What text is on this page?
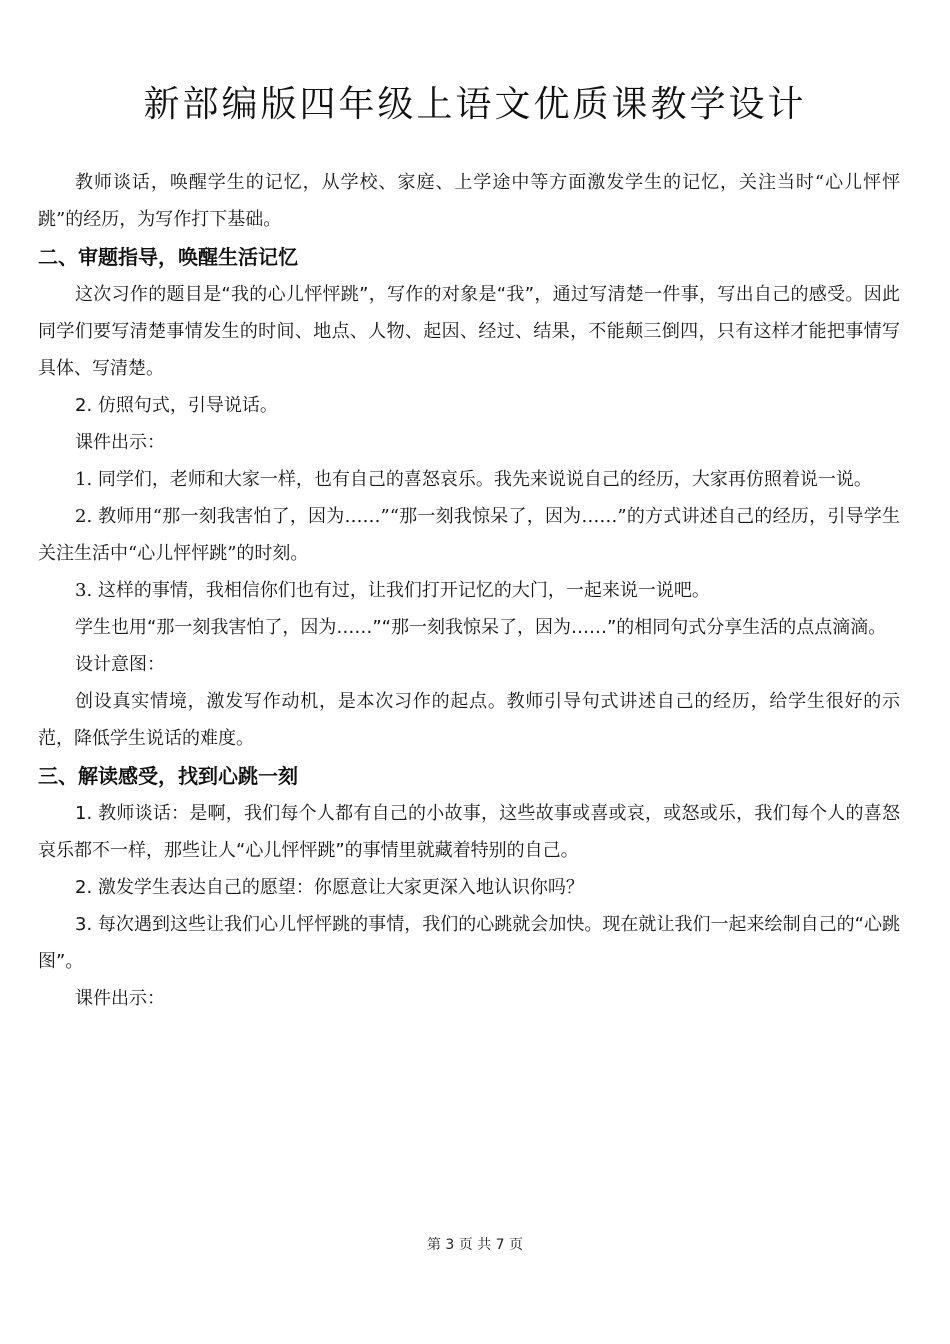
新部编版四年级上语文优质课教学设计

教师谈话，唤醒学生的记忆，从学校、家庭、上学途中等方面激发学生的记忆，关注当时“心儿怦怦跳”的经历，为写作打下基础。

二、审题指导，唤醒生活记忆

这次习作的题目是“我的心儿怦怦跳”，写作的对象是“我”，通过写清楚一件事，写出自己的感受。因此同学们要写清楚事情发生的时间、地点、人物、起因、经过、结果，不能颠三倒四，只有这样才能把事情写具体、写清楚。

2. 仿照句式，引导说话。

课件出示：

1. 同学们，老师和大家一样，也有自己的喜怒哀乐。我先来说说自己的经历，大家再仿照着说一说。

2. 教师用“那一刻我害怕了，因为……”“那一刻我惊呆了，因为……”的方式讲述自己的经历，引导学生关注生活中“心儿怦怦跳”的时刻。

3. 这样的事情，我相信你们也有过，让我们打开记忆的大门，一起来说一说吧。

学生也用“那一刻我害怕了，因为……”“那一刻我惊呆了，因为……”的相同句式分享生活的点点滴滴。

设计意图：

创设真实情境，激发写作动机，是本次习作的起点。教师引导句式讲述自己的经历，给学生很好的示范，降低学生说话的难度。

三、解读感受，找到心跳一刻

1. 教师谈话：是啊，我们每个人都有自己的小故事，这些故事或喜或哀，或怒或乐，我们每个人的喜怒哀乐都不一样，那些让人“心儿怦怦跳”的事情里就藏着特别的自己。

2. 激发学生表达自己的愿望：你愿意让大家更深入地认识你吗？

3. 每次遇到这些让我们心儿怦怦跳的事情，我们的心跳就会加快。现在就让我们一起来绘制自己的“心跳图”。

课件出示：

第 3 页 共 7 页
